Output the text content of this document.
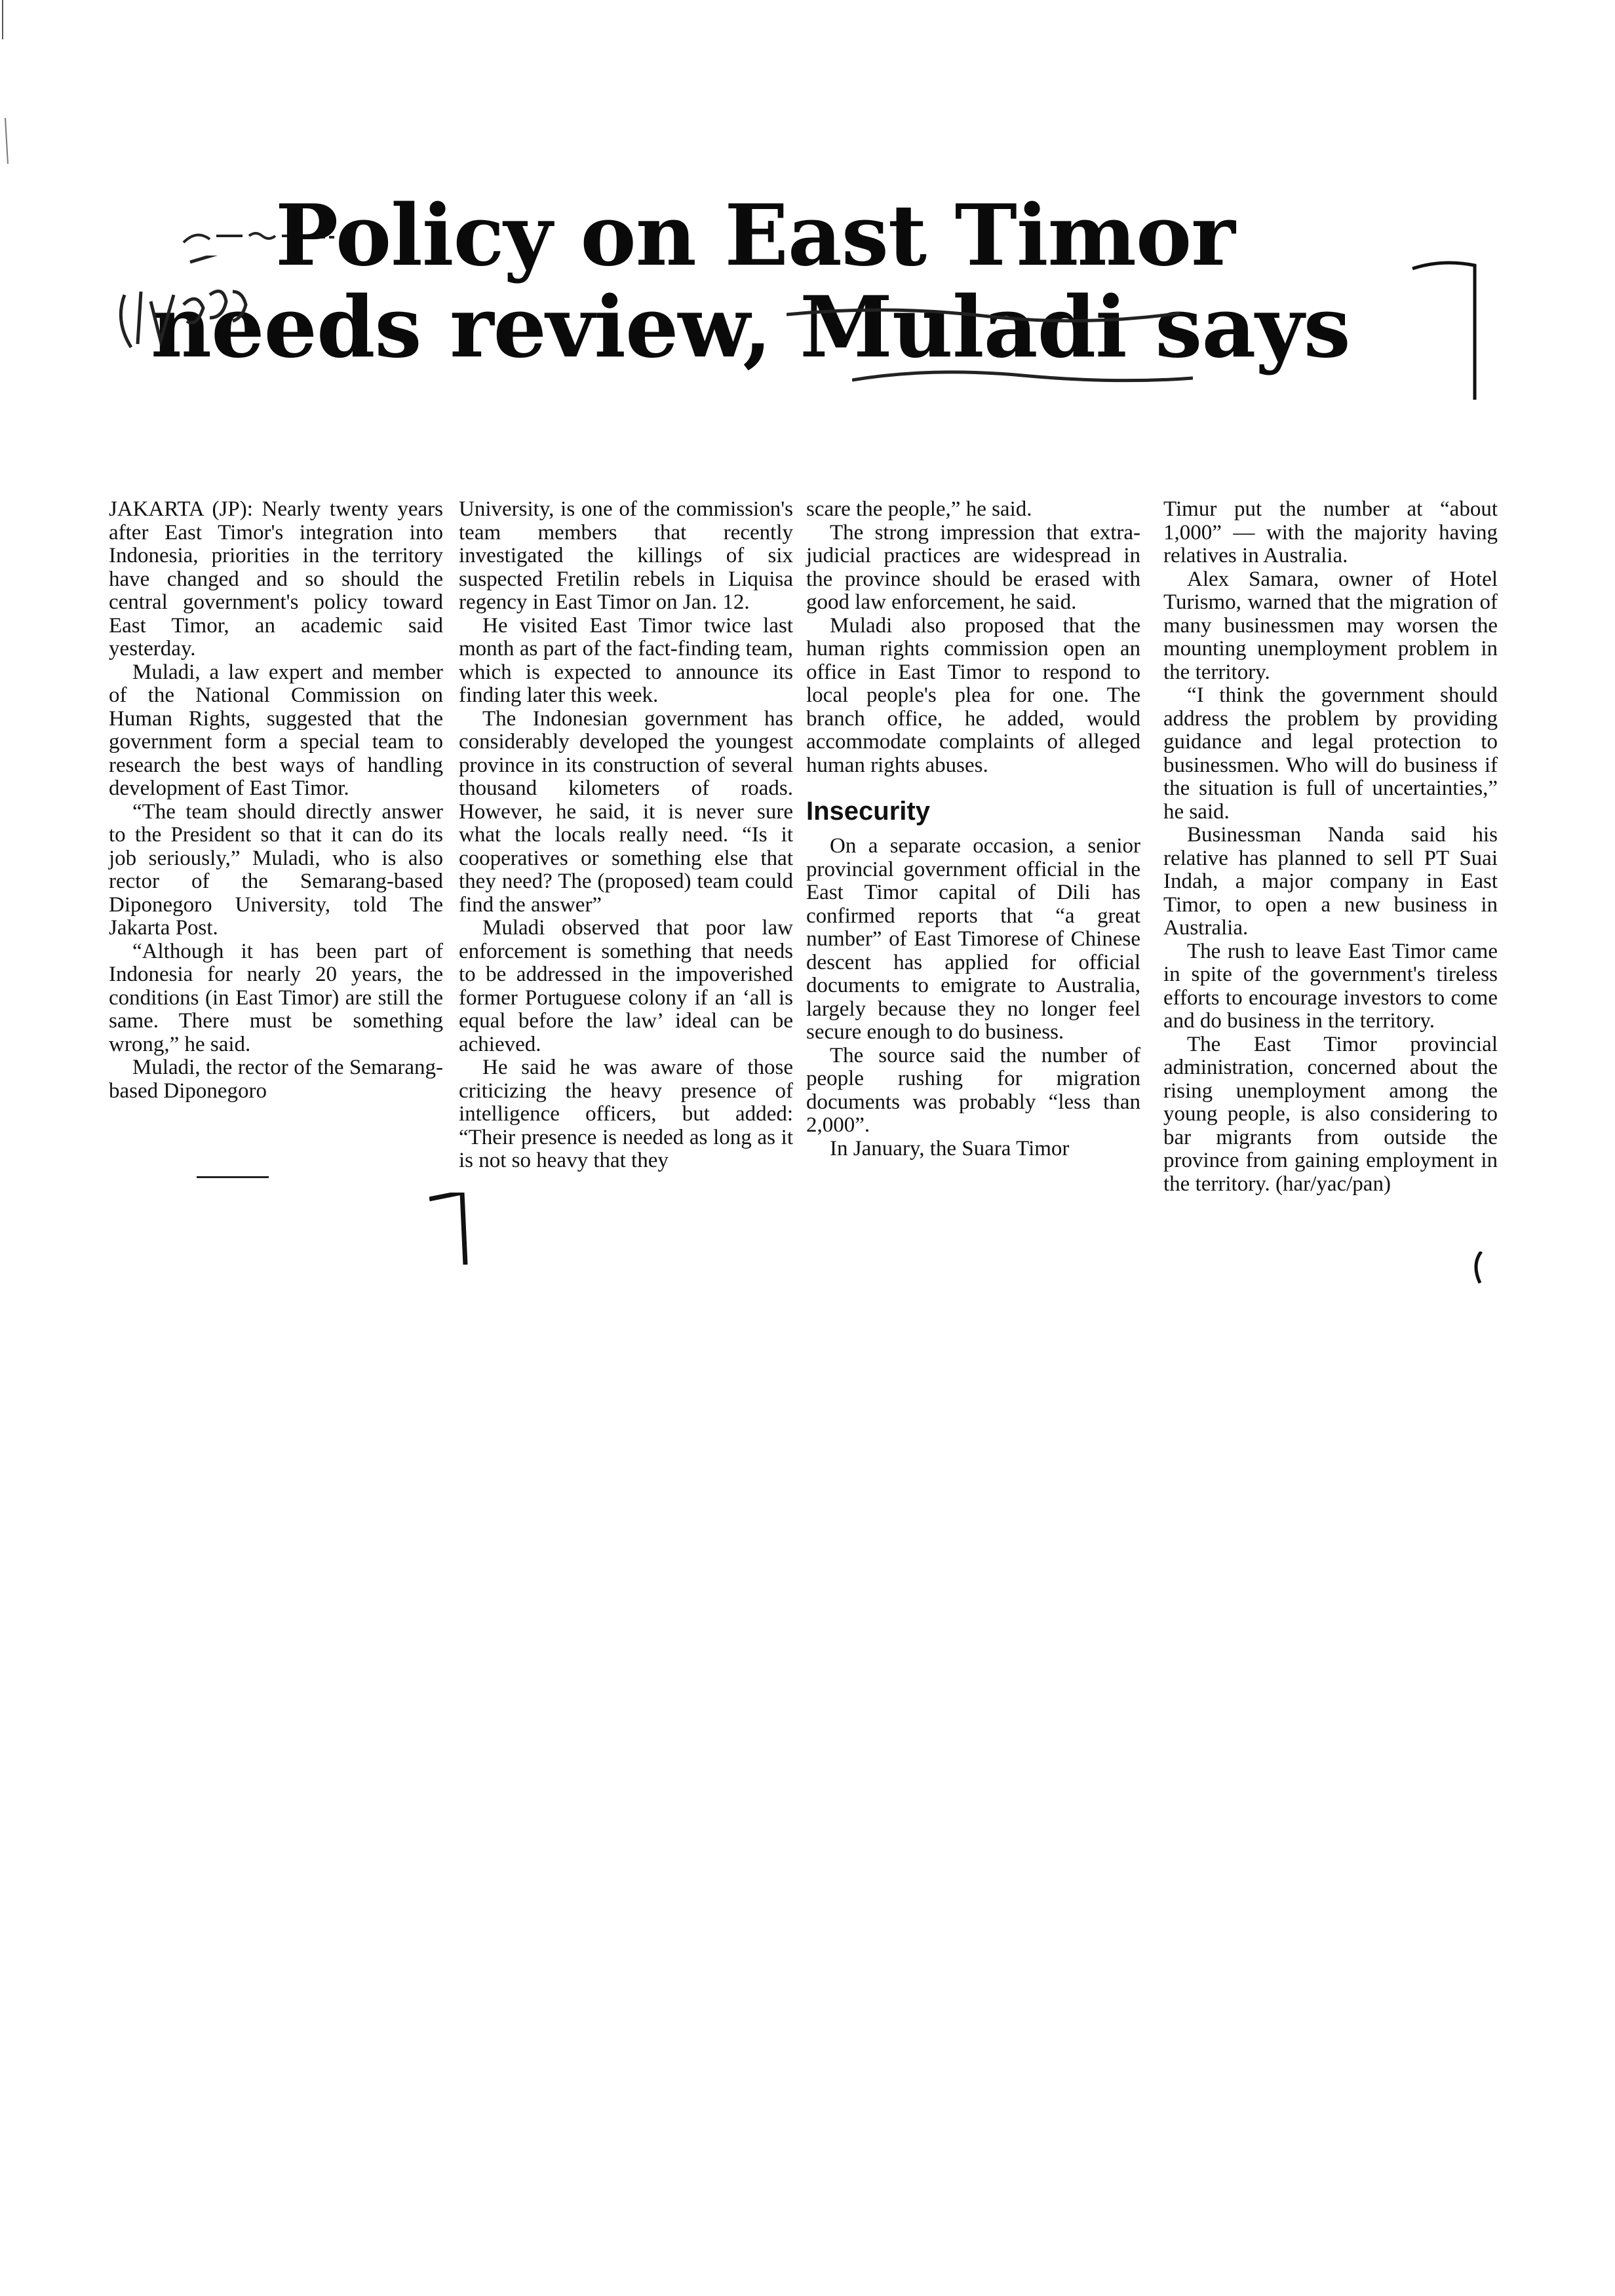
Policy on East Timor
needs review, Muladi says
1.III.95

JAKARTA (JP): Nearly twenty years after East Timor's integration into Indonesia, priorities in the territory have changed and so should the central government's policy toward East Timor, an academic said yesterday.

Muladi, a law expert and member of the National Commission on Human Rights, suggested that the government form a special team to research the best ways of handling development of East Timor.

“The team should directly answer to the President so that it can do its job seriously,” Muladi, who is also rector of the Semarang-based Diponegoro University, told The Jakarta Post.

“Although it has been part of Indonesia for nearly 20 years, the conditions (in East Timor) are still the same. There must be something wrong,” he said.

Muladi, the rector of the Semarang-based Diponegoro

University, is one of the commission's team members that recently investigated the killings of six suspected Fretilin rebels in Liquisa regency in East Timor on Jan. 12.

He visited East Timor twice last month as part of the fact-finding team, which is expected to announce its finding later this week.

The Indonesian government has considerably developed the youngest province in its construction of several thousand kilometers of roads. However, he said, it is never sure what the locals really need. “Is it cooperatives or something else that they need? The (proposed) team could find the answer”

Muladi observed that poor law enforcement is something that needs to be addressed in the impoverished former Portuguese colony if an ‘all is equal before the law’ ideal can be achieved.

He said he was aware of those criticizing the heavy presence of intelligence officers, but added: “Their presence is needed as long as it is not so heavy that they

scare the people,” he said.

The strong impression that extra-judicial practices are widespread in the province should be erased with good law enforcement, he said.

Muladi also proposed that the human rights commission open an office in East Timor to respond to local people's plea for one. The branch office, he added, would accommodate complaints of alleged human rights abuses.

Insecurity

On a separate occasion, a senior provincial government official in the East Timor capital of Dili has confirmed reports that “a great number” of East Timorese of Chinese descent has applied for official documents to emigrate to Australia, largely because they no longer feel secure enough to do business.

The source said the number of people rushing for migration documents was probably “less than 2,000”.

In January, the Suara Timor

Timur put the number at “about 1,000” — with the majority having relatives in Australia.

Alex Samara, owner of Hotel Turismo, warned that the migration of many businessmen may worsen the mounting unemployment problem in the territory.

“I think the government should address the problem by providing guidance and legal protection to businessmen. Who will do business if the situation is full of uncertainties,” he said.

Businessman Nanda said his relative has planned to sell PT Suai Indah, a major company in East Timor, to open a new business in Australia.

The rush to leave East Timor came in spite of the government's tireless efforts to encourage investors to come and do business in the territory.

The East Timor provincial administration, concerned about the rising unemployment among the young people, is also considering to bar migrants from outside the province from gaining employment in the territory. (har/yac/pan)
